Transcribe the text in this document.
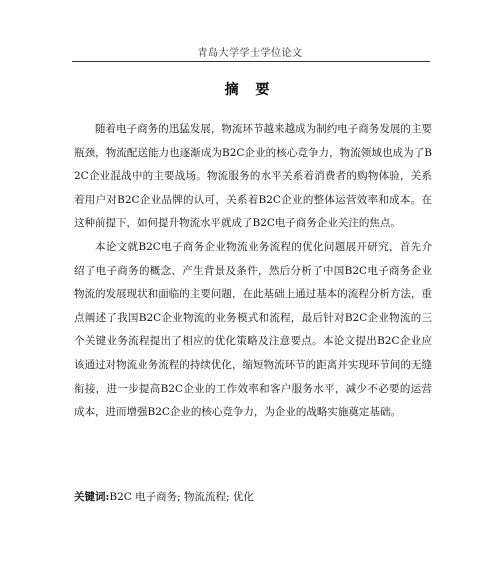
青岛大学学士学位论文
摘 要

随着电子商务的迅猛发展，物流环节越来越成为制约电子商务发展的主要瓶颈，物流配送能力也逐渐成为B2C企业的核心竞争力，物流领域也成为了B2C企业混战中的主要战场。物流服务的水平关系着消费者的购物体验，关系着用户对B2C企业品牌的认可，关系着B2C企业的整体运营效率和成本。在这种前提下，如何提升物流水平就成了B2C电子商务企业关注的焦点。

本论文就B2C电子商务企业物流业务流程的优化问题展开研究，首先介绍了电子商务的概念、产生背景及条件，然后分析了中国B2C电子商务企业物流的发展现状和面临的主要问题，在此基础上通过基本的流程分析方法，重点阐述了我国B2C企业物流的业务模式和流程，最后针对B2C企业物流的三个关键业务流程提出了相应的优化策略及注意要点。本论文提出B2C企业应该通过对物流业务流程的持续优化，缩短物流环节的距离并实现环节间的无缝衔接，进一步提高B2C企业的工作效率和客户服务水平，减少不必要的运营成本，进而增强B2C企业的核心竞争力，为企业的战略实施奠定基础。

关键词:B2C 电子商务; 物流流程; 优化
